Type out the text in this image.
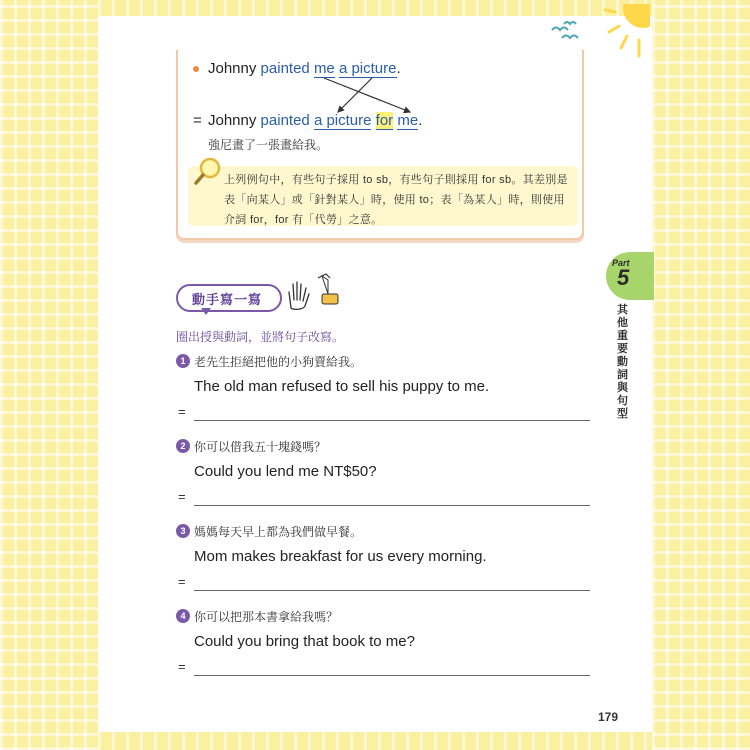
Johnny painted me a picture.
= Johnny painted a picture for me.
強尼畫了一張畫給我。
上列例句中，有些句子採用 to sb，有些句子則採用 for sb。其差別是表「向某人」或「針對某人」時，使用 to；表「為某人」時，則使用介詞 for，for 有「代勞」之意。
Part
5
其他重要動詞與句型
動手寫一寫
圈出授與動詞，並將句子改寫。
1 老先生拒絕把他的小狗賣給我。
The old man refused to sell his puppy to me.
=
2 你可以借我五十塊錢嗎？
Could you lend me NT$50?
=
3 媽媽每天早上都為我們做早餐。
Mom makes breakfast for us every morning.
=
4 你可以把那本書拿給我嗎？
Could you bring that book to me?
=
179
